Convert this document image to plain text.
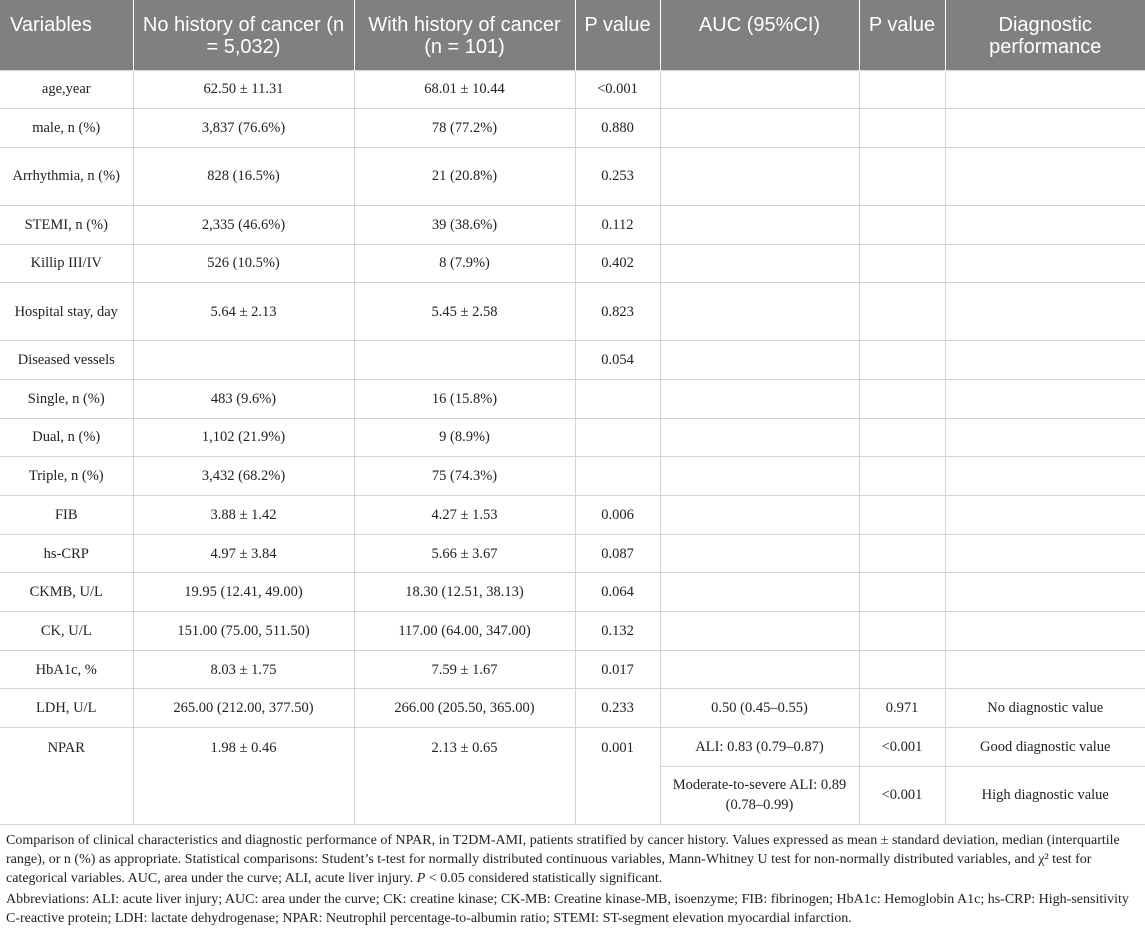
Variables	No history of cancer (n = 5,032)	With history of cancer (n = 101)	P value	AUC (95%CI)	P value	Diagnostic performance
age,year	62.50 ± 11.31	68.01 ± 10.44	<0.001			
male, n (%)	3,837 (76.6%)	78 (77.2%)	0.880			
Arrhythmia, n (%)	828 (16.5%)	21 (20.8%)	0.253			
STEMI, n (%)	2,335 (46.6%)	39 (38.6%)	0.112			
Killip III/IV	526 (10.5%)	8 (7.9%)	0.402			
Hospital stay, day	5.64 ± 2.13	5.45 ± 2.58	0.823			
Diseased vessels			0.054			
Single, n (%)	483 (9.6%)	16 (15.8%)				
Dual, n (%)	1,102 (21.9%)	9 (8.9%)				
Triple, n (%)	3,432 (68.2%)	75 (74.3%)				
FIB	3.88 ± 1.42	4.27 ± 1.53	0.006			
hs-CRP	4.97 ± 3.84	5.66 ± 3.67	0.087			
CKMB, U/L	19.95 (12.41, 49.00)	18.30 (12.51, 38.13)	0.064			
CK, U/L	151.00 (75.00, 511.50)	117.00 (64.00, 347.00)	0.132			
HbA1c, %	8.03 ± 1.75	7.59 ± 1.67	0.017			
LDH, U/L	265.00 (212.00, 377.50)	266.00 (205.50, 365.00)	0.233	0.50 (0.45–0.55)	0.971	No diagnostic value
NPAR	1.98 ± 0.46	2.13 ± 0.65	0.001	ALI: 0.83 (0.79–0.87)	<0.001	Good diagnostic value
				Moderate-to-severe ALI: 0.89 (0.78–0.99)	<0.001	High diagnostic value

Comparison of clinical characteristics and diagnostic performance of NPAR, in T2DM-AMI, patients stratified by cancer history. Values expressed as mean ± standard deviation, median (interquartile range), or n (%) as appropriate. Statistical comparisons: Student’s t-test for normally distributed continuous variables, Mann-Whitney U test for non-normally distributed variables, and χ² test for categorical variables. AUC, area under the curve; ALI, acute liver injury. P < 0.05 considered statistically significant.

Abbreviations: ALI: acute liver injury; AUC: area under the curve; CK: creatine kinase; CK-MB: Creatine kinase-MB, isoenzyme; FIB: fibrinogen; HbA1c: Hemoglobin A1c; hs-CRP: High-sensitivity C-reactive protein; LDH: lactate dehydrogenase; NPAR: Neutrophil percentage-to-albumin ratio; STEMI: ST-segment elevation myocardial infarction.
